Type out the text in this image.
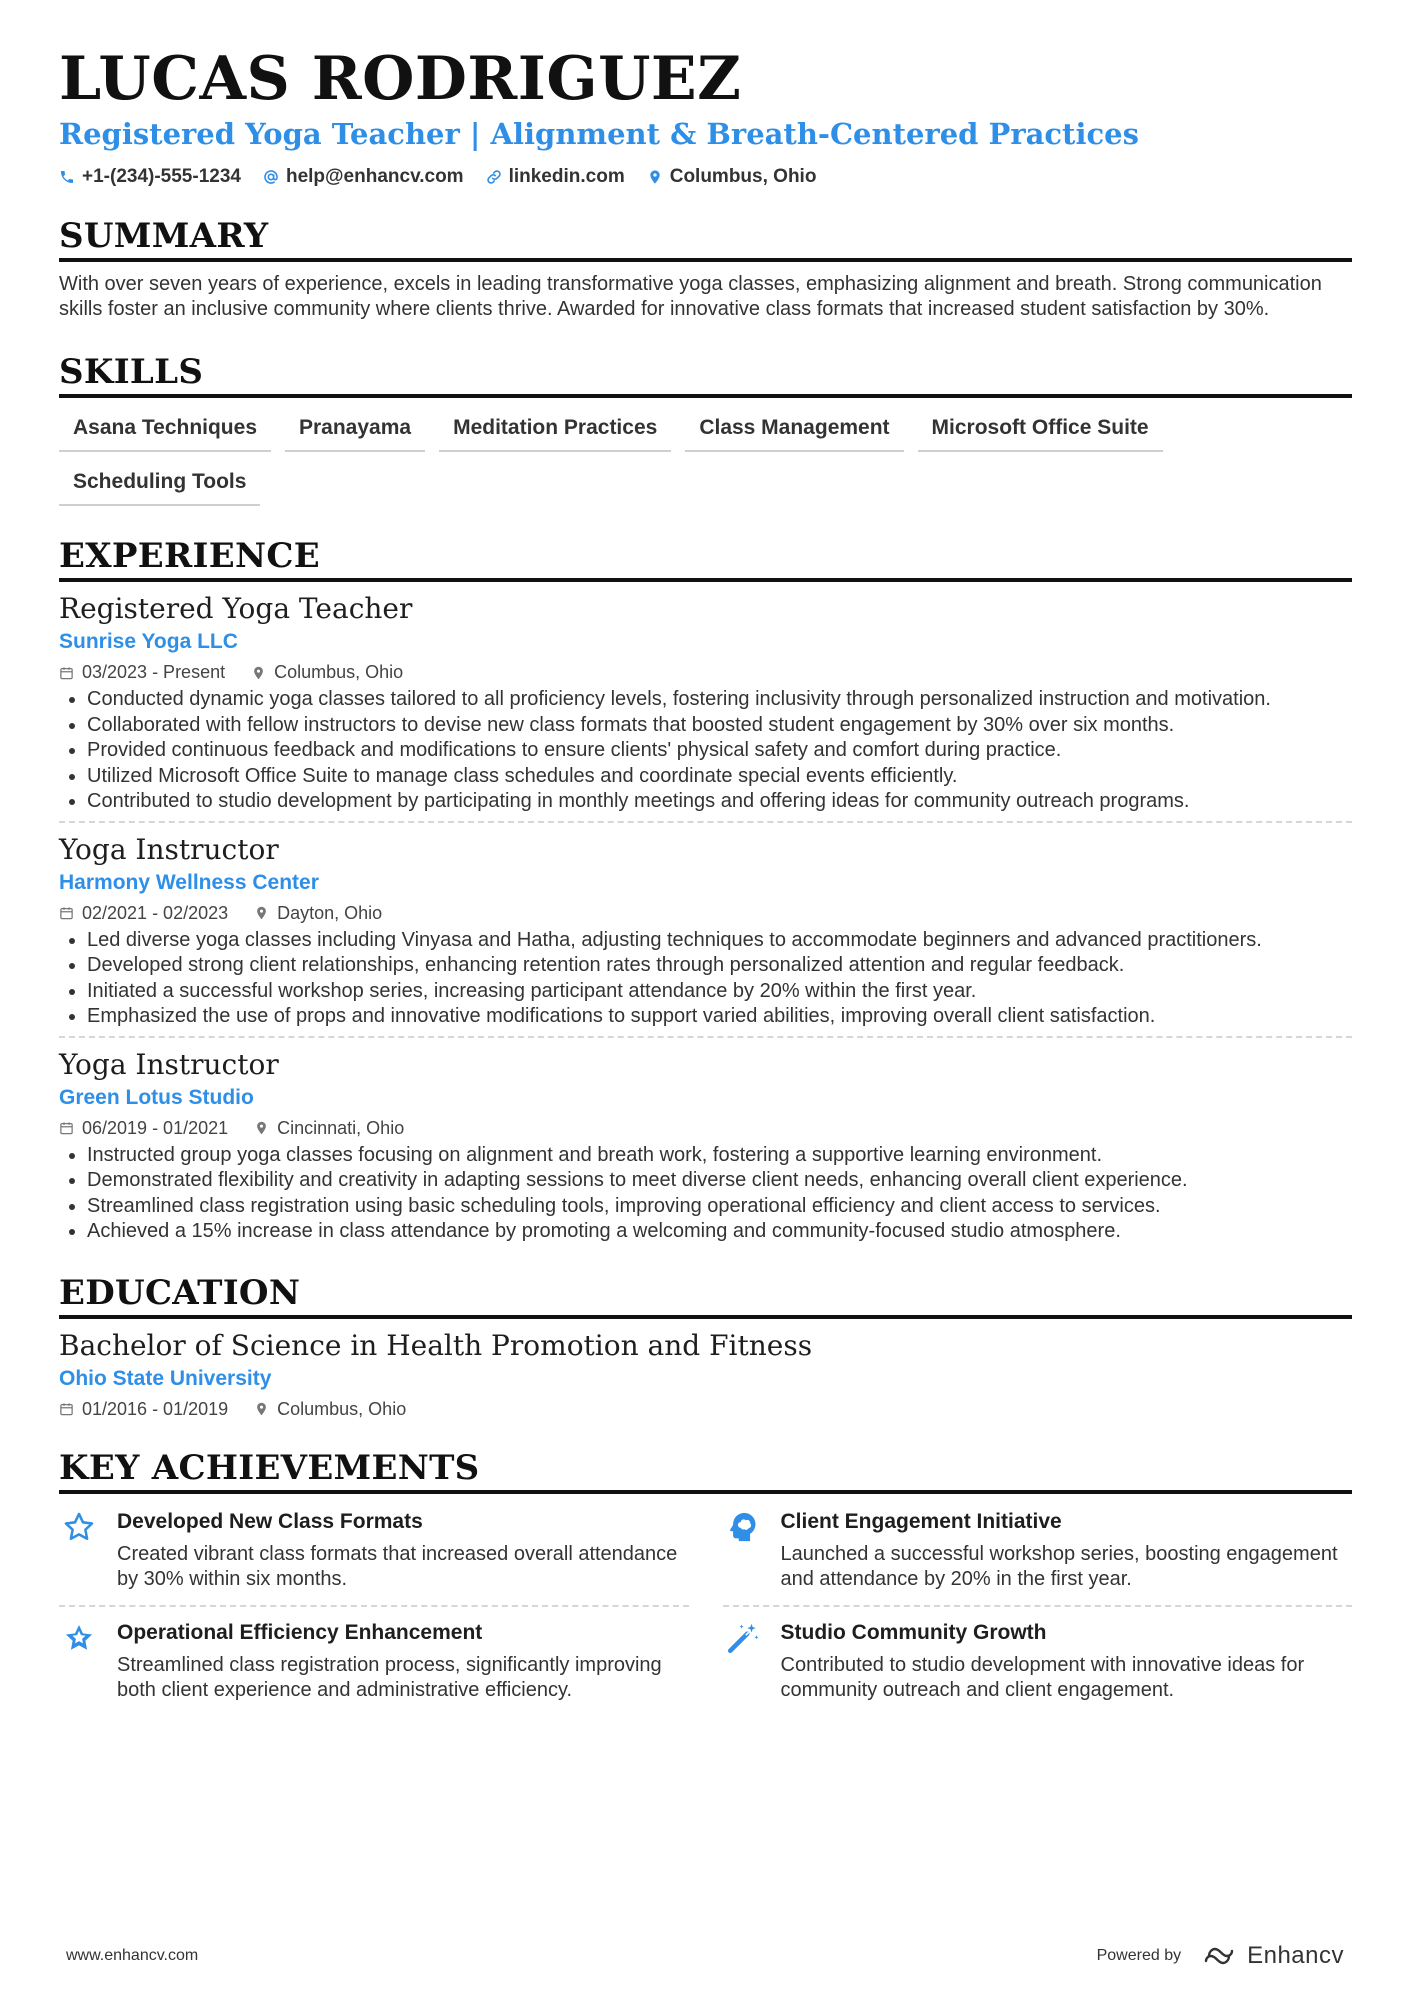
LUCAS RODRIGUEZ
Registered Yoga Teacher | Alignment & Breath-Centered Practices
+1-(234)-555-1234 help@enhancv.com linkedin.com Columbus, Ohio
SUMMARY
With over seven years of experience, excels in leading transformative yoga classes, emphasizing alignment and breath. Strong communication skills foster an inclusive community where clients thrive. Awarded for innovative class formats that increased student satisfaction by 30%.
SKILLS
Asana Techniques	Pranayama	Meditation Practices	Class Management	Microsoft Office Suite
Scheduling Tools
EXPERIENCE
Registered Yoga Teacher
Sunrise Yoga LLC
03/2023 - Present	Columbus, Ohio
• Conducted dynamic yoga classes tailored to all proficiency levels, fostering inclusivity through personalized instruction and motivation.
• Collaborated with fellow instructors to devise new class formats that boosted student engagement by 30% over six months.
• Provided continuous feedback and modifications to ensure clients' physical safety and comfort during practice.
• Utilized Microsoft Office Suite to manage class schedules and coordinate special events efficiently.
• Contributed to studio development by participating in monthly meetings and offering ideas for community outreach programs.
Yoga Instructor
Harmony Wellness Center
02/2021 - 02/2023	Dayton, Ohio
• Led diverse yoga classes including Vinyasa and Hatha, adjusting techniques to accommodate beginners and advanced practitioners.
• Developed strong client relationships, enhancing retention rates through personalized attention and regular feedback.
• Initiated a successful workshop series, increasing participant attendance by 20% within the first year.
• Emphasized the use of props and innovative modifications to support varied abilities, improving overall client satisfaction.
Yoga Instructor
Green Lotus Studio
06/2019 - 01/2021	Cincinnati, Ohio
• Instructed group yoga classes focusing on alignment and breath work, fostering a supportive learning environment.
• Demonstrated flexibility and creativity in adapting sessions to meet diverse client needs, enhancing overall client experience.
• Streamlined class registration using basic scheduling tools, improving operational efficiency and client access to services.
• Achieved a 15% increase in class attendance by promoting a welcoming and community-focused studio atmosphere.
EDUCATION
Bachelor of Science in Health Promotion and Fitness
Ohio State University
01/2016 - 01/2019	Columbus, Ohio
KEY ACHIEVEMENTS
Developed New Class Formats
Created vibrant class formats that increased overall attendance by 30% within six months.
Client Engagement Initiative
Launched a successful workshop series, boosting engagement and attendance by 20% in the first year.
Operational Efficiency Enhancement
Streamlined class registration process, significantly improving both client experience and administrative efficiency.
Studio Community Growth
Contributed to studio development with innovative ideas for community outreach and client engagement.
www.enhancv.com	Powered by	Enhancv
